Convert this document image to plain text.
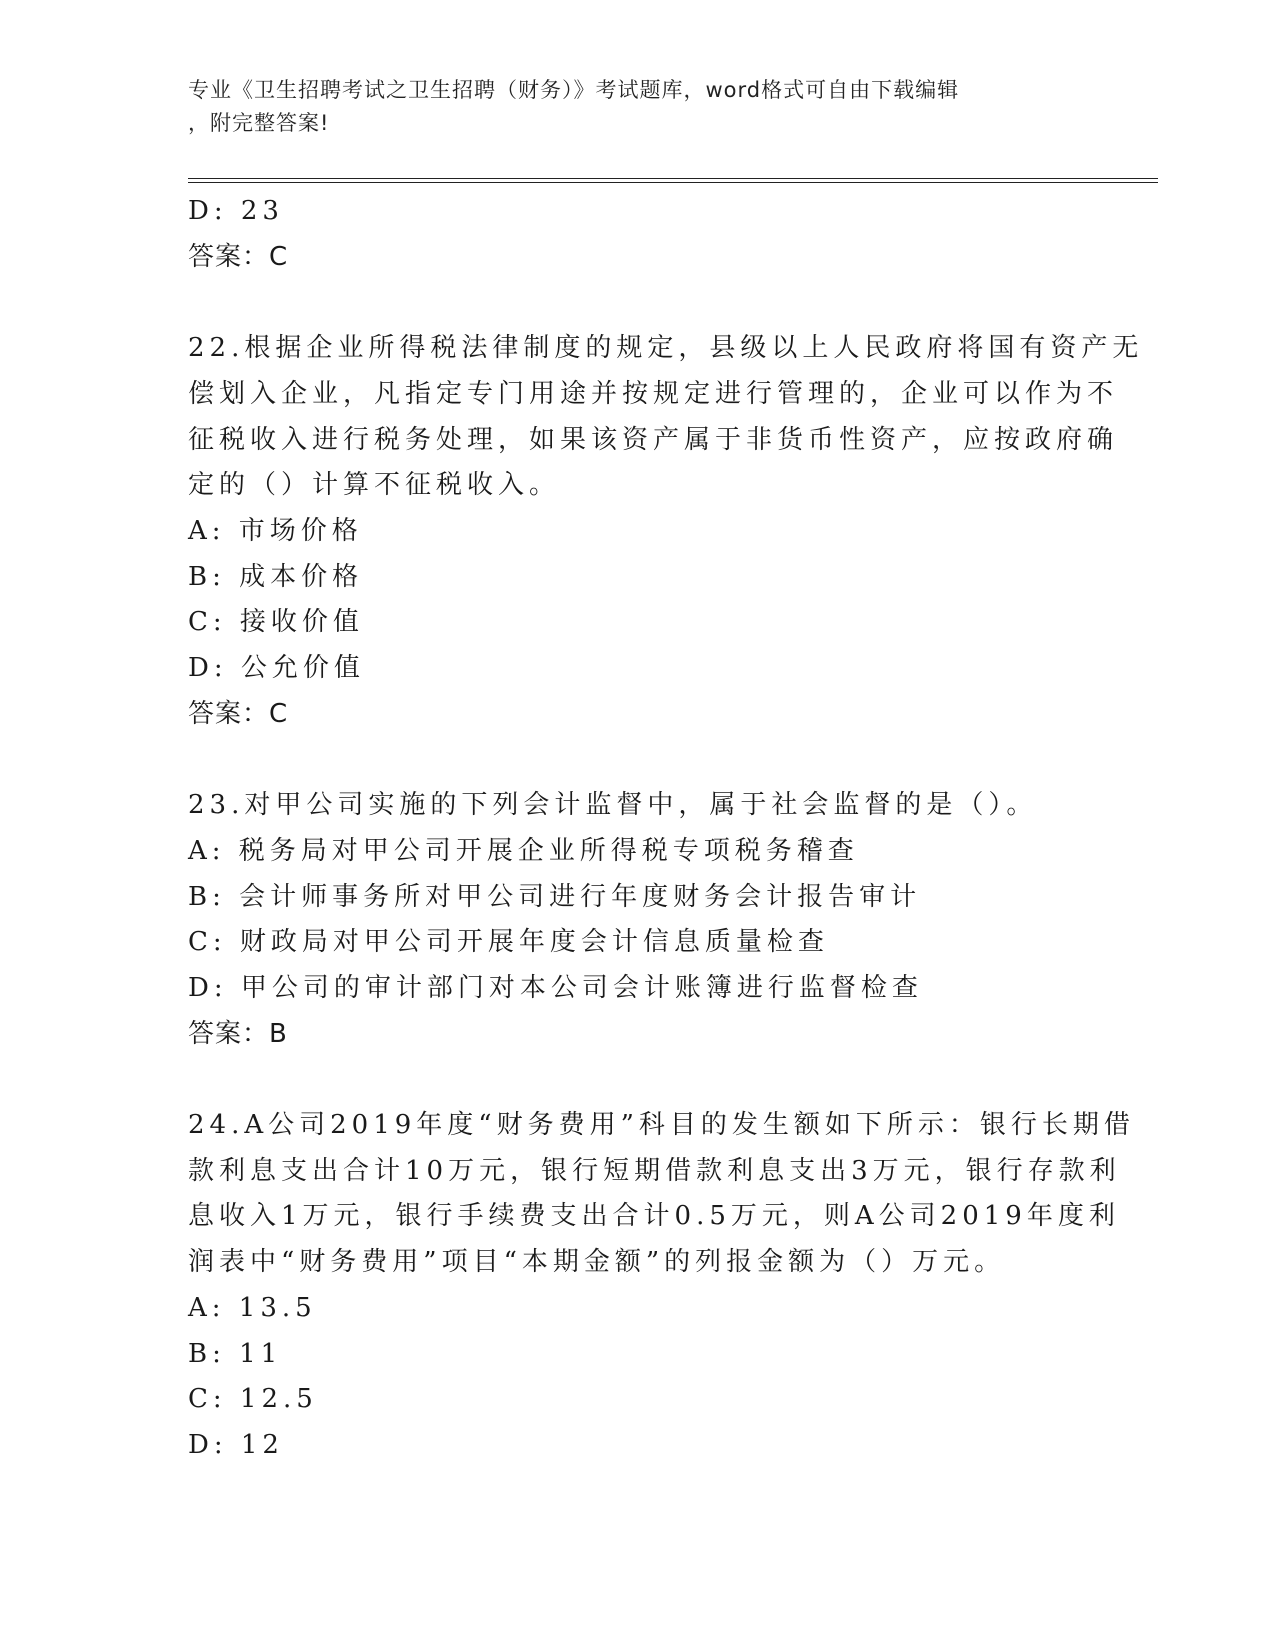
专业《卫生招聘考试之卫生招聘（财务）》考试题库，word格式可自由下载编辑
，附完整答案!
D: 23
答案：C
22.根据企业所得税法律制度的规定，县级以上人民政府将国有资产无
偿划入企业，凡指定专门用途并按规定进行管理的，企业可以作为不
征税收入进行税务处理，如果该资产属于非货币性资产，应按政府确
定的（）计算不征税收入。
A: 市场价格
B: 成本价格
C: 接收价值
D: 公允价值
答案：C
23.对甲公司实施的下列会计监督中，属于社会监督的是（）。
A: 税务局对甲公司开展企业所得税专项税务稽查
B: 会计师事务所对甲公司进行年度财务会计报告审计
C: 财政局对甲公司开展年度会计信息质量检查
D: 甲公司的审计部门对本公司会计账簿进行监督检查
答案：B
24.A公司2019年度“财务费用”科目的发生额如下所示：银行长期借
款利息支出合计10万元，银行短期借款利息支出3万元，银行存款利
息收入1万元，银行手续费支出合计0.5万元，则A公司2019年度利
润表中“财务费用”项目“本期金额”的列报金额为（）万元。
A: 13.5
B: 11
C: 12.5
D: 12
